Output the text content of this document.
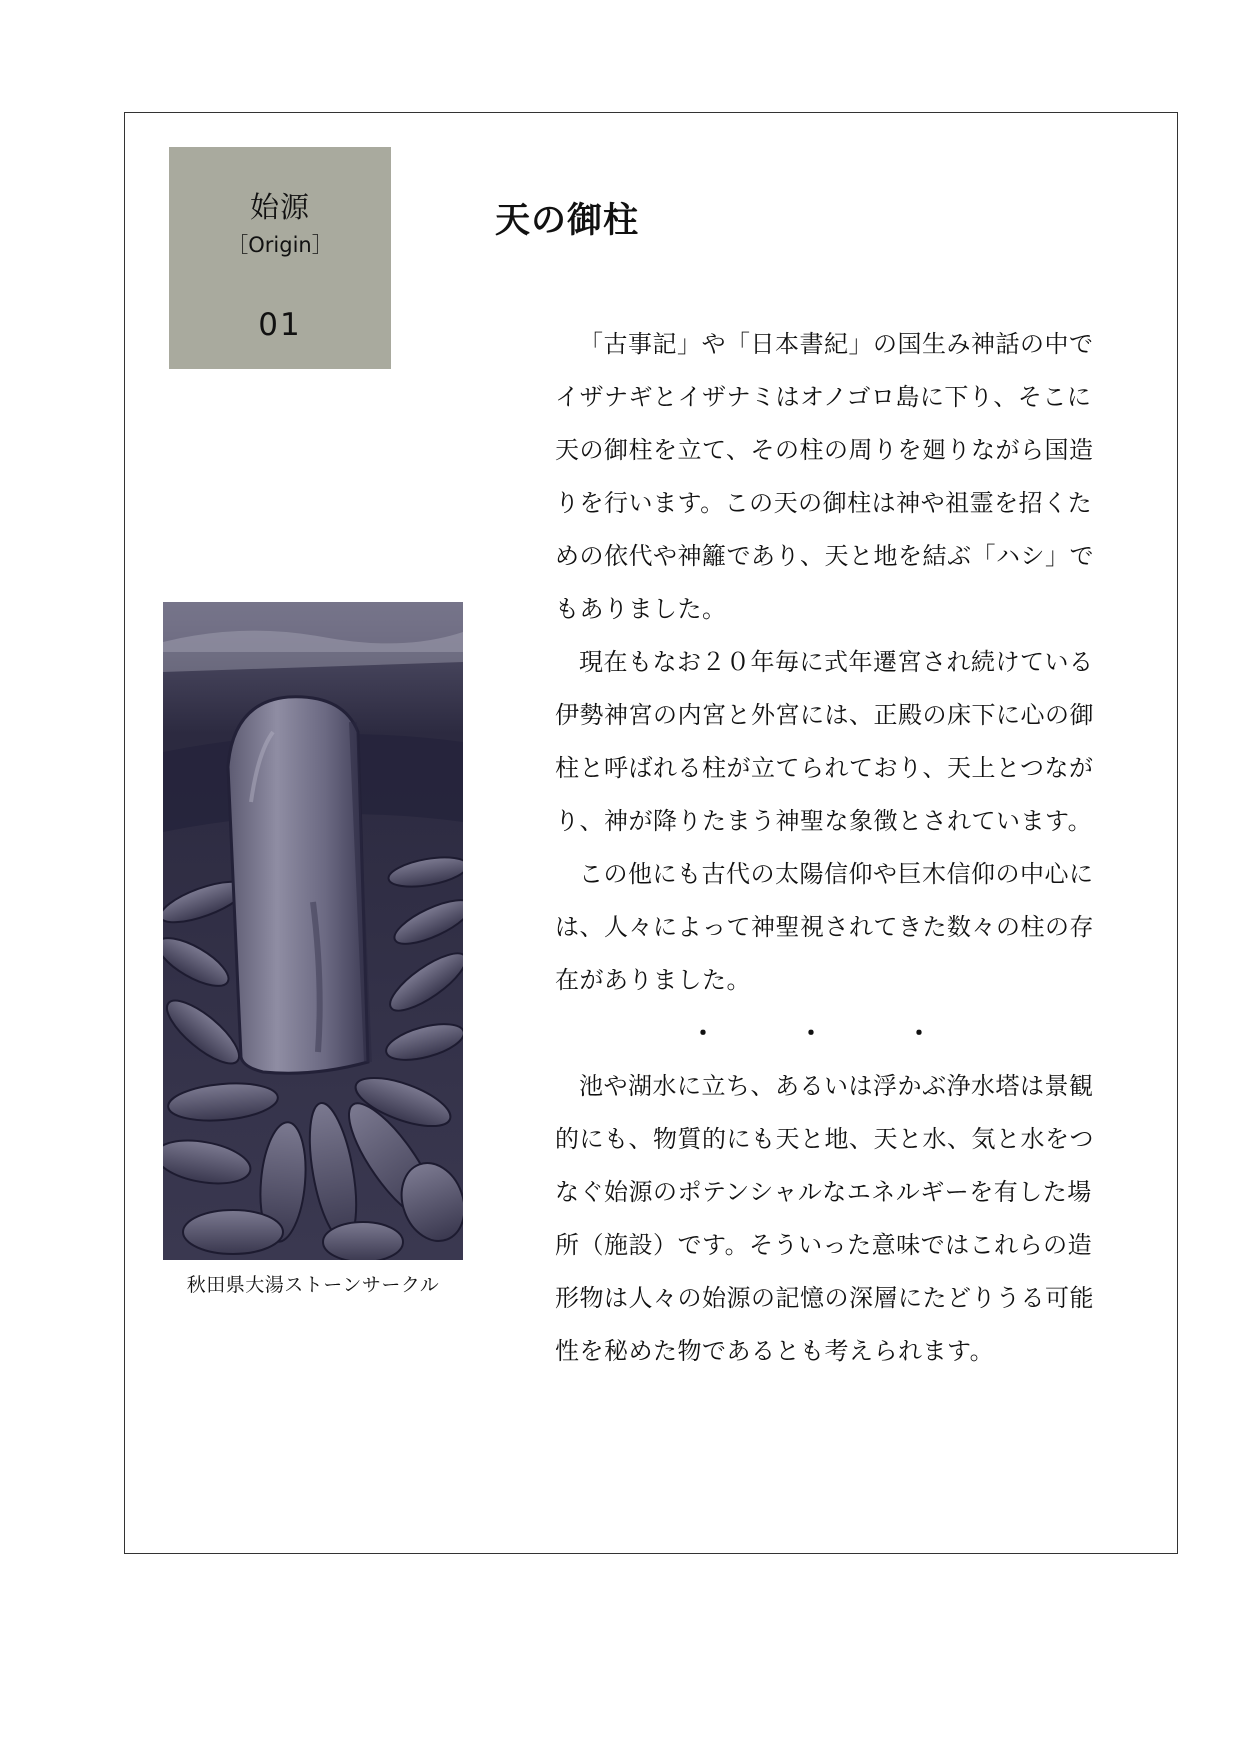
始源
［Origin］
01
天の御柱

「古事記」や「日本書紀」の国生み神話の中でイザナギとイザナミはオノゴロ島に下り、そこに天の御柱を立て、その柱の周りを廻りながら国造りを行います。この天の御柱は神や祖霊を招くための依代や神籬であり、天と地を結ぶ「ハシ」でもありました。

現在もなお２０年毎に式年遷宮され続けている伊勢神宮の内宮と外宮には、正殿の床下に心の御柱と呼ばれる柱が立てられており、天上とつながり、神が降りたまう神聖な象徴とされています。

この他にも古代の太陽信仰や巨木信仰の中心には、人々によって神聖視されてきた数々の柱の存在がありました。

・	・	・

池や湖水に立ち、あるいは浮かぶ浄水塔は景観的にも、物質的にも天と地、天と水、気と水をつなぐ始源のポテンシャルなエネルギーを有した場所（施設）です。そういった意味ではこれらの造形物は人々の始源の記憶の深層にたどりうる可能性を秘めた物であるとも考えられます。

秋田県大湯ストーンサークル
